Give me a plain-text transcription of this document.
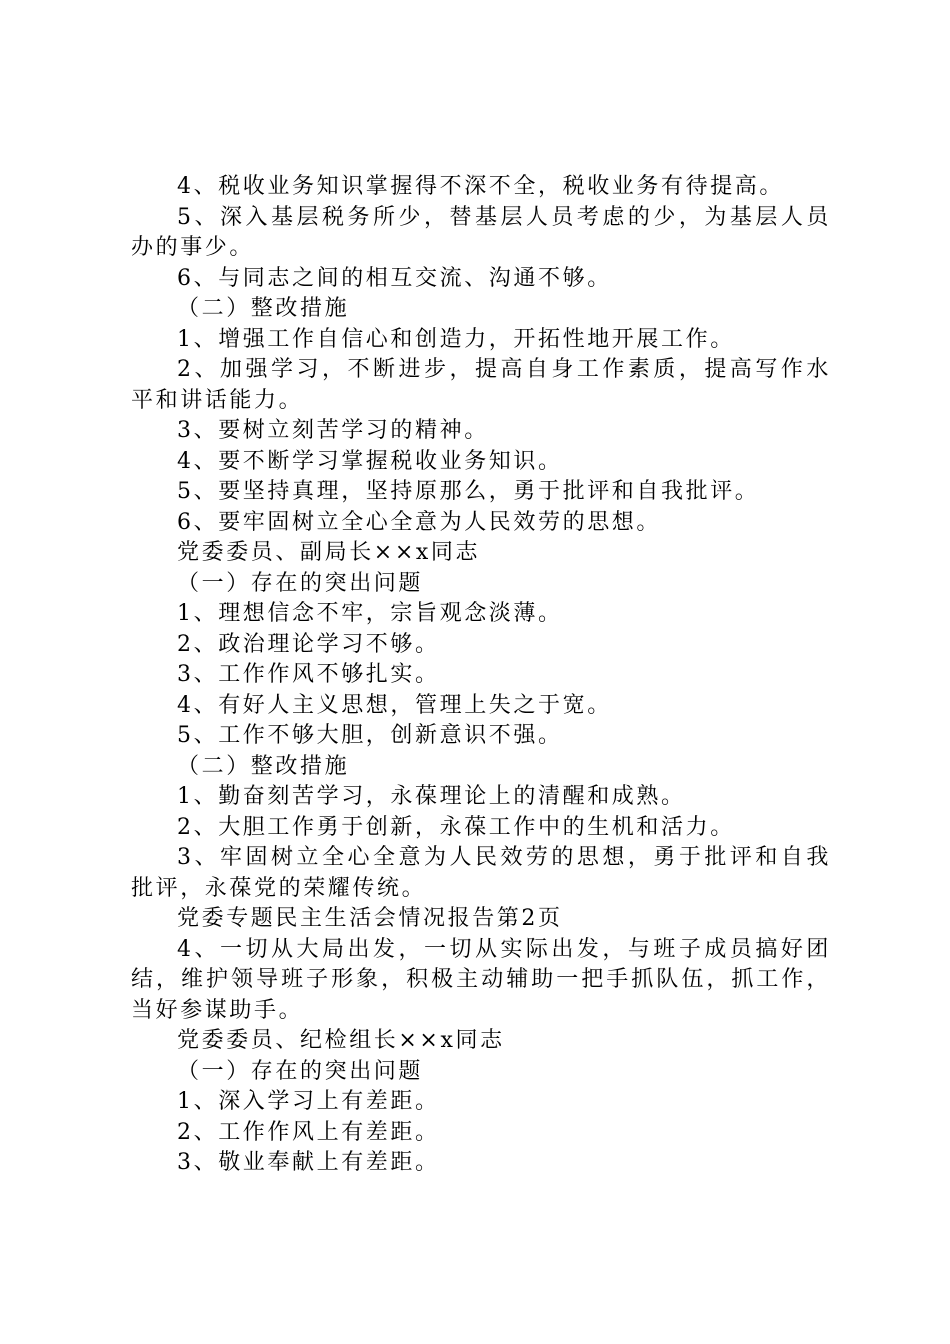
4、税收业务知识掌握得不深不全，税收业务有待提高。

5、深入基层税务所少，替基层人员考虑的少，为基层人员办的事少。

6、与同志之间的相互交流、沟通不够。

（二）整改措施

1、增强工作自信心和创造力，开拓性地开展工作。

2、加强学习，不断进步，提高自身工作素质，提高写作水平和讲话能力。

3、要树立刻苦学习的精神。

4、要不断学习掌握税收业务知识。

5、要坚持真理，坚持原那么，勇于批评和自我批评。

6、要牢固树立全心全意为人民效劳的思想。

党委委员、副局长××x同志

（一）存在的突出问题

1、理想信念不牢，宗旨观念淡薄。

2、政治理论学习不够。

3、工作作风不够扎实。

4、有好人主义思想，管理上失之于宽。

5、工作不够大胆，创新意识不强。

（二）整改措施

1、勤奋刻苦学习，永葆理论上的清醒和成熟。

2、大胆工作勇于创新，永葆工作中的生机和活力。

3、牢固树立全心全意为人民效劳的思想，勇于批评和自我批评，永葆党的荣耀传统。

党委专题民主生活会情况报告第2页

4、一切从大局出发，一切从实际出发，与班子成员搞好团结，维护领导班子形象，积极主动辅助一把手抓队伍，抓工作，当好参谋助手。

党委委员、纪检组长××x同志

（一）存在的突出问题

1、深入学习上有差距。

2、工作作风上有差距。

3、敬业奉献上有差距。
